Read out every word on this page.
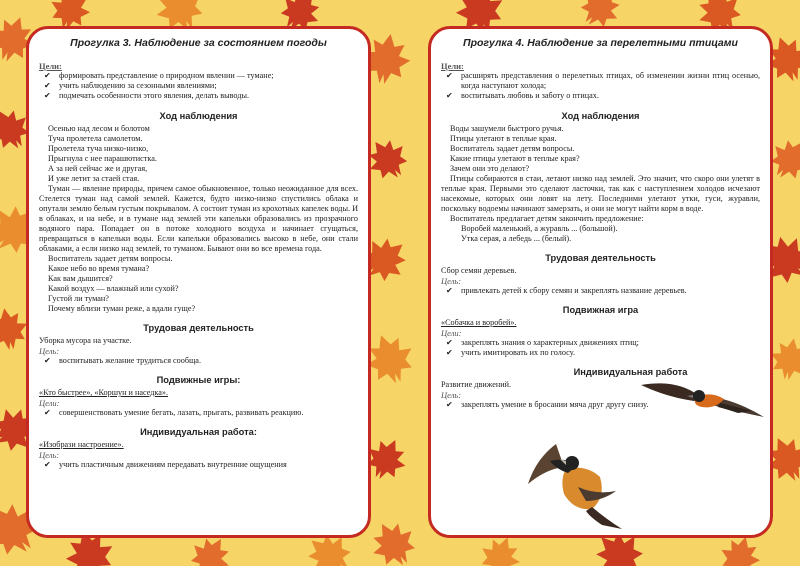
Прогулка 3. Наблюдение за состоянием погоды
Цели:
✔ формировать представление о природном явлении — тумане;
✔ учить наблюдению за сезонными явлениями;
✔ подмечать особенности этого явления, делать выводы.
Ход наблюдения
Осенью над лесом и болотом
Туча пролетела самолетом.
Пролетела туча низко-низко,
Прыгнула с нее парашютистка.
А за ней сейчас же и другая,
И уже летит за стаей стая.
Туман — явление природы, причем самое обыкновенное, только неожиданное для всех. Стелется туман над самой землей. Кажется, будто низко-низко спустились облака и опутали землю белым густым покрывалом. А состоит туман из крохотных капелек воды. И в облаках, и на небе, и в тумане над землей эти капельки образовались из прозрачного водяного пара. Попадает он в потоке холодного воздуха и начинает сгущаться, превращаться в капельки воды. Если капельки образовались высоко в небе, они стали облаками, а если низко над землей, то туманом. Бывают они во все времена года.
Воспитатель задает детям вопросы.
Какое небо во время тумана?
Как вам дышится?
Какой воздух — влажный или сухой?
Густой ли туман?
Почему вблизи туман реже, а вдали гуще?
Трудовая деятельность
Уборка мусора на участке.
Цель:
✔ воспитывать желание трудиться сообща.
Подвижные игры:
«Кто быстрее», «Коршун и наседка».
Цели:
✔ совершенствовать умение бегать, лазать, прыгать, развивать реакцию.
Индивидуальная работа:
«Изобрази настроение».
Цель:
✔ учить пластичным движениям передавать внутренние ощущения
Прогулка 4. Наблюдение за перелетными птицами
Цели:
✔ расширять представления о перелетных птицах, об изменении жизни птиц осенью, когда наступают холода;
✔ воспитывать любовь и заботу о птицах.
Ход наблюдения
Воды зашумели быстрого ручья.
Птицы улетают в теплые края.
Воспитатель задает детям вопросы.
Какие птицы улетают в теплые края?
Зачем они это делают?
Птицы собираются в стаи, летают низко над землей. Это значит, что скоро они улетят в теплые края. Первыми это сделают ласточки, так как с наступлением холодов исчезают насекомые, которых они ловят на лету. Последними улетают утки, гуси, журавли, поскольку водоемы начинают замерзать, и они не могут найти корм в воде.
Воспитатель предлагает детям закончить предложение:
Воробей маленький, а журавль ... (большой).
Утка серая, а лебедь ... (белый).
Трудовая деятельность
Сбор семян деревьев.
Цель:
✔ привлекать детей к сбору семян и закреплять название деревьев.
Подвижная игра
«Собачка и воробей».
Цели:
✔ закреплять знания о характерных движениях птиц;
✔ учить имитировать их по голосу.
Индивидуальная работа
Развитие движений.
Цель:
✔ закреплять умение в бросании мяча друг другу снизу.
